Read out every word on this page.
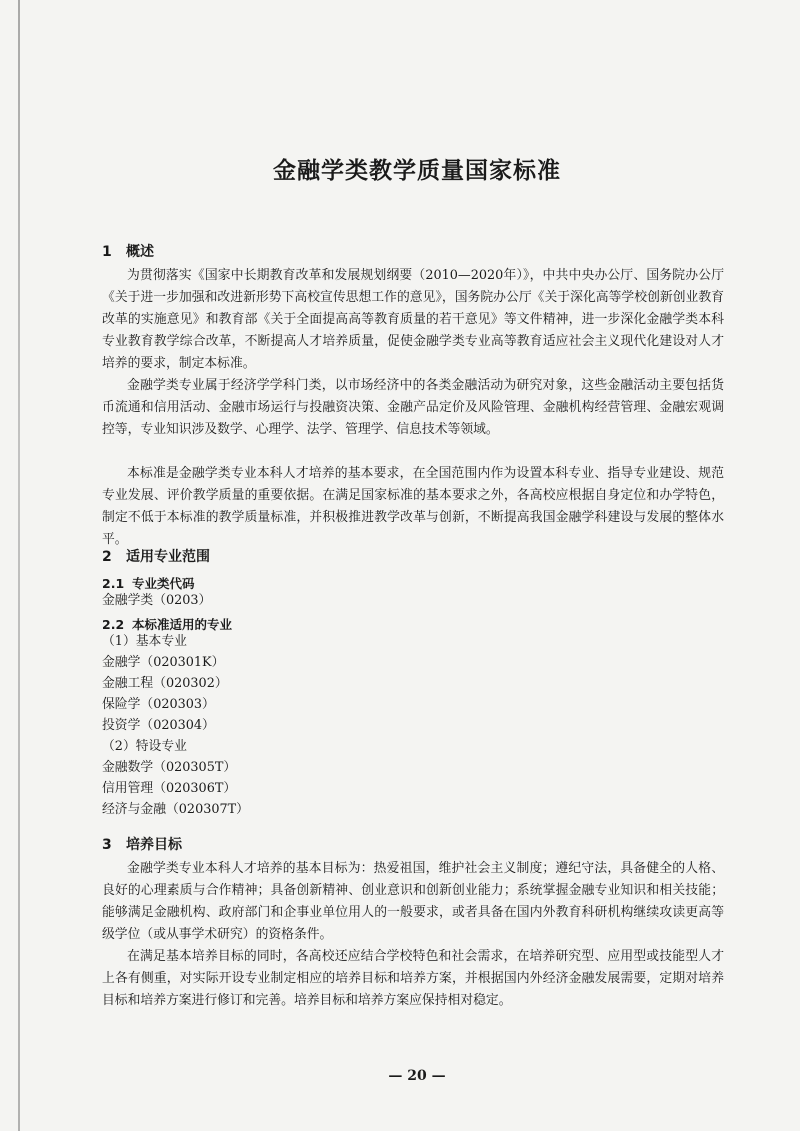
金融学类教学质量国家标准
1 概述

为贯彻落实《国家中长期教育改革和发展规划纲要（2010—2020年）》，中共中央办公厅、国务院办公厅《关于进一步加强和改进新形势下高校宣传思想工作的意见》，国务院办公厅《关于深化高等学校创新创业教育改革的实施意见》和教育部《关于全面提高高等教育质量的若干意见》等文件精神，进一步深化金融学类本科专业教育教学综合改革，不断提高人才培养质量，促使金融学类专业高等教育适应社会主义现代化建设对人才培养的要求，制定本标准。

金融学类专业属于经济学学科门类，以市场经济中的各类金融活动为研究对象，这些金融活动主要包括货币流通和信用活动、金融市场运行与投融资决策、金融产品定价及风险管理、金融机构经营管理、金融宏观调控等，专业知识涉及数学、心理学、法学、管理学、信息技术等领域。

本标准是金融学类专业本科人才培养的基本要求，在全国范围内作为设置本科专业、指导专业建设、规范专业发展、评价教学质量的重要依据。在满足国家标准的基本要求之外，各高校应根据自身定位和办学特色，制定不低于本标准的教学质量标准，并积极推进教学改革与创新，不断提高我国金融学科建设与发展的整体水平。

2 适用专业范围
2.1 专业类代码

金融学类（0203）

2.2 本标准适用的专业

（1）基本专业

金融学（020301K）

金融工程（020302）

保险学（020303）

投资学（020304）

（2）特设专业

金融数学（020305T）

信用管理（020306T）

经济与金融（020307T）

3 培养目标

金融学类专业本科人才培养的基本目标为：热爱祖国，维护社会主义制度；遵纪守法，具备健全的人格、良好的心理素质与合作精神；具备创新精神、创业意识和创新创业能力；系统掌握金融专业知识和相关技能；能够满足金融机构、政府部门和企事业单位用人的一般要求，或者具备在国内外教育科研机构继续攻读更高等级学位（或从事学术研究）的资格条件。

在满足基本培养目标的同时，各高校还应结合学校特色和社会需求，在培养研究型、应用型或技能型人才上各有侧重，对实际开设专业制定相应的培养目标和培养方案，并根据国内外经济金融发展需要，定期对培养目标和培养方案进行修订和完善。培养目标和培养方案应保持相对稳定。

— 20 —
